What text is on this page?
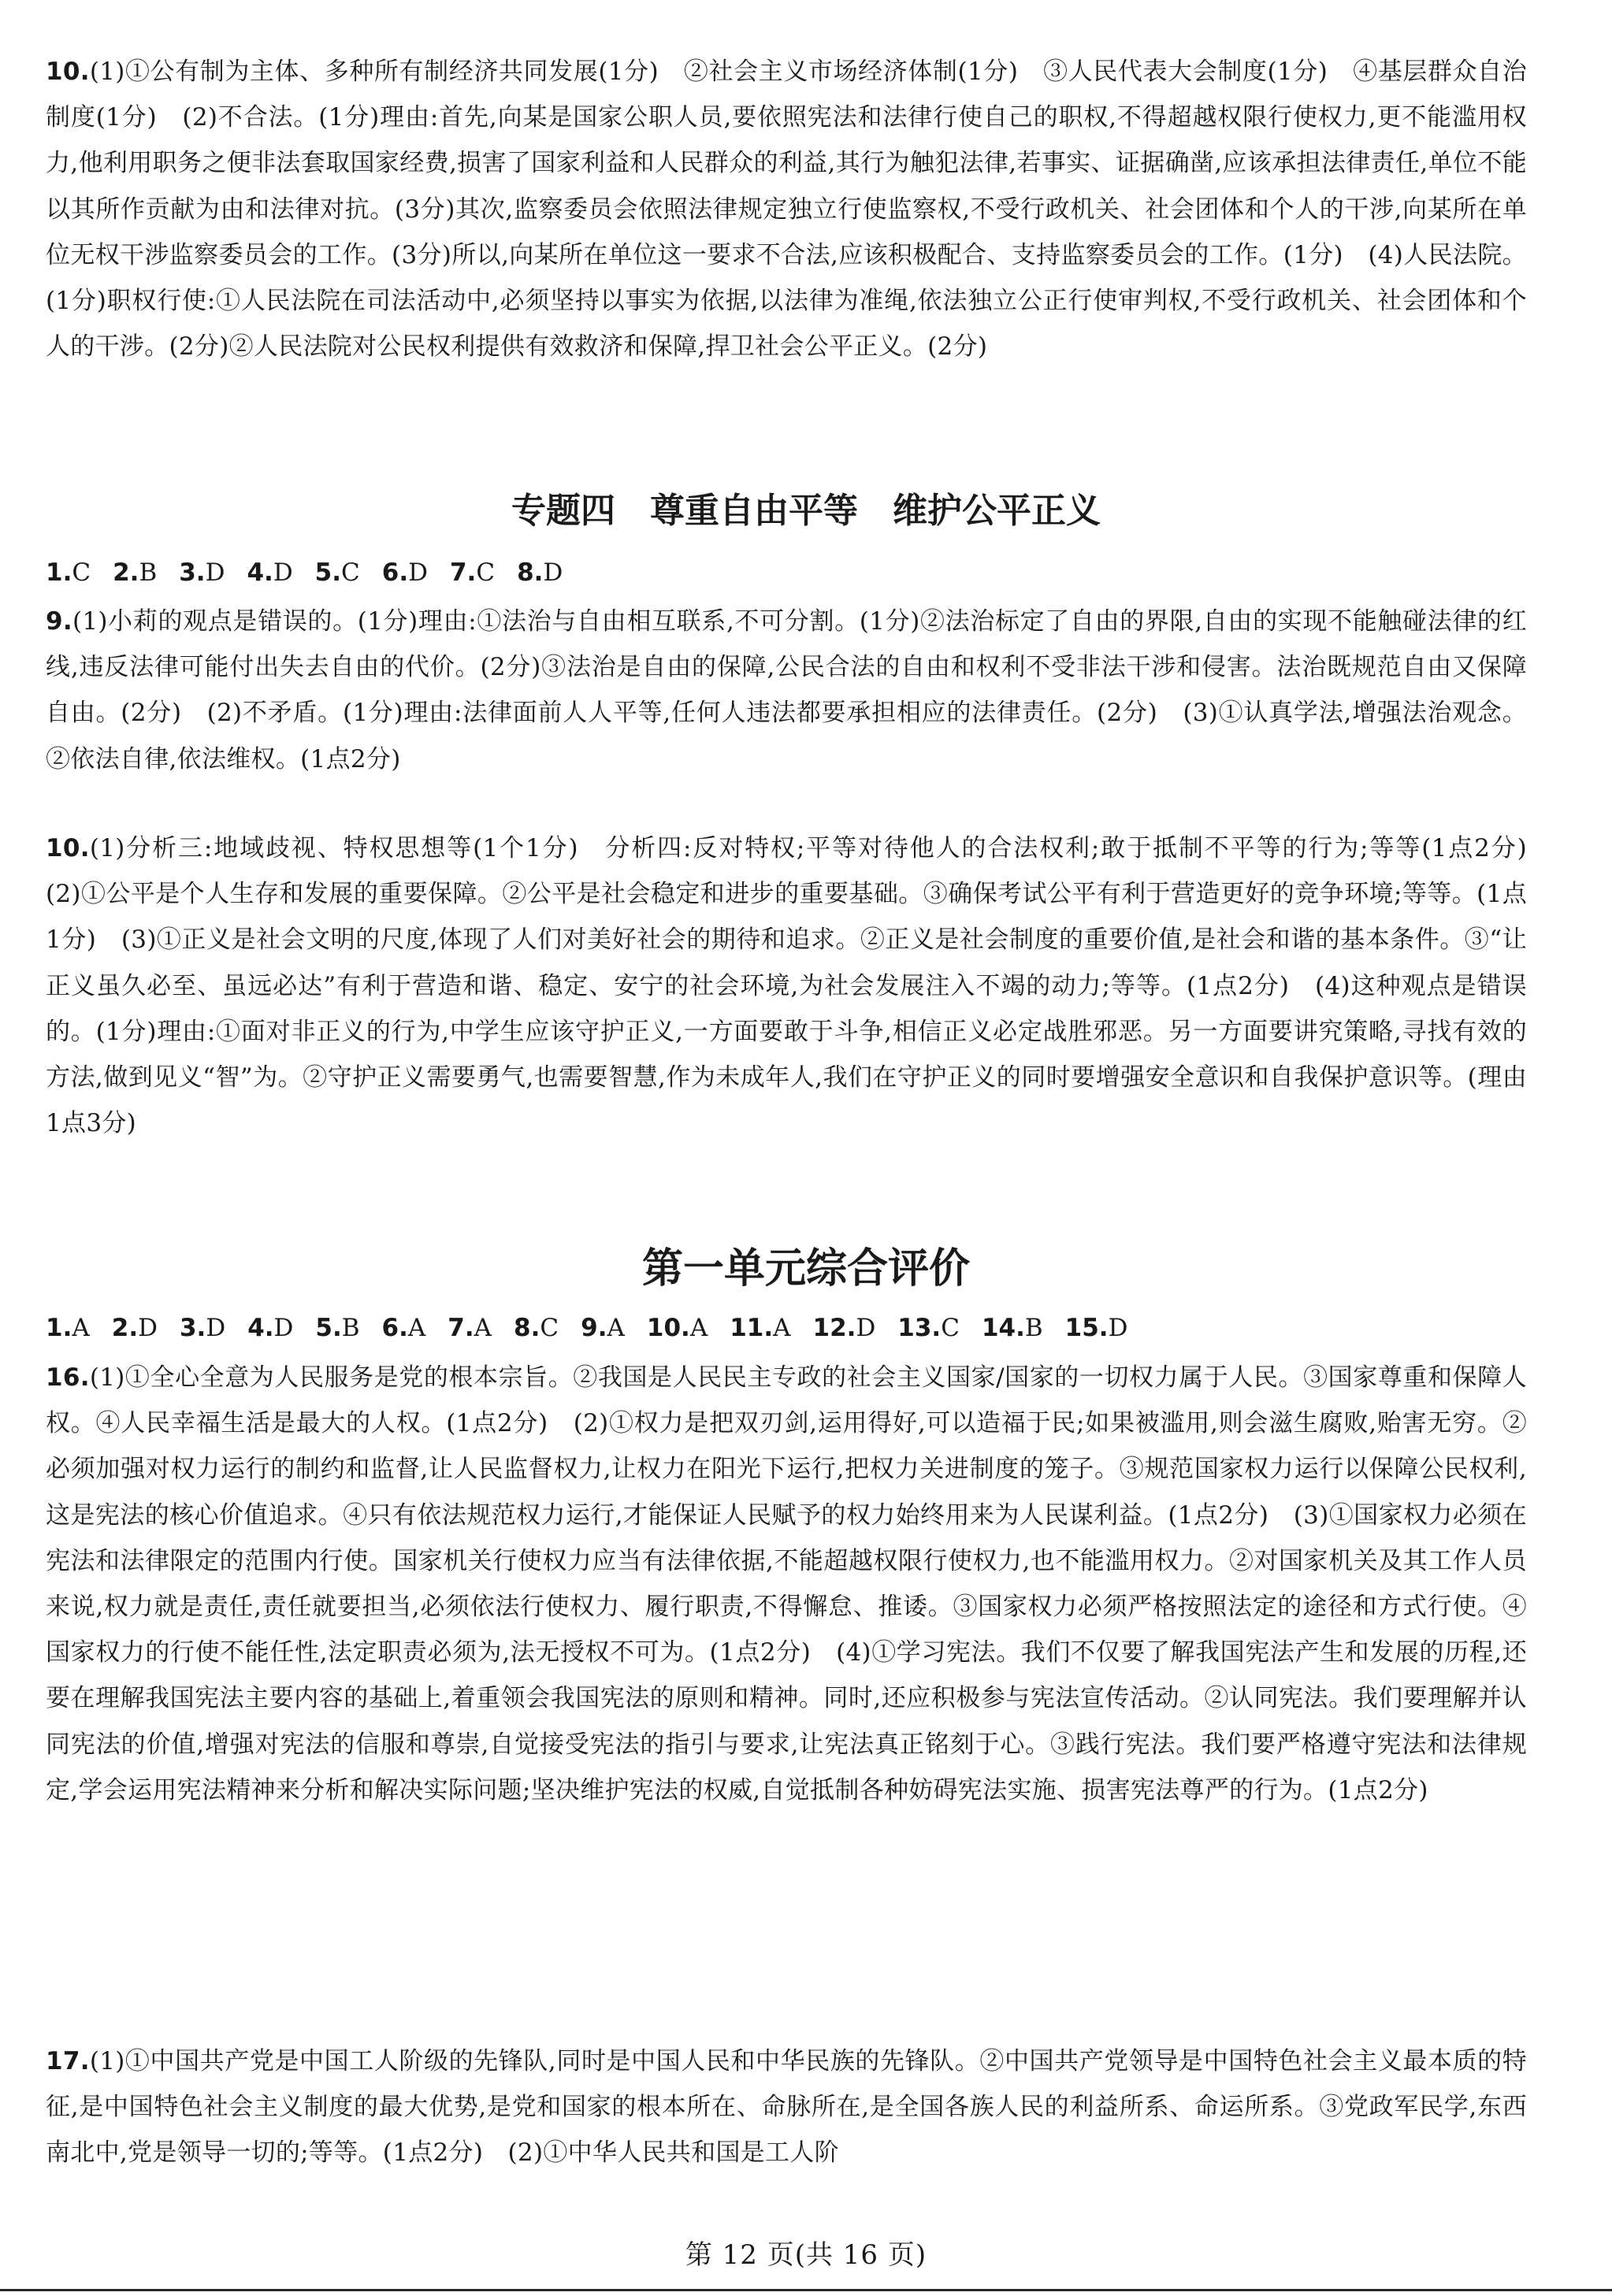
10.(1)①公有制为主体、多种所有制经济共同发展(1分)　②社会主义市场经济体制(1分)　③人民代表大会制度(1分)　④基层群众自治制度(1分)　(2)不合法。(1分)理由:首先,向某是国家公职人员,要依照宪法和法律行使自己的职权,不得超越权限行使权力,更不能滥用权力,他利用职务之便非法套取国家经费,损害了国家利益和人民群众的利益,其行为触犯法律,若事实、证据确凿,应该承担法律责任,单位不能以其所作贡献为由和法律对抗。(3分)其次,监察委员会依照法律规定独立行使监察权,不受行政机关、社会团体和个人的干涉,向某所在单位无权干涉监察委员会的工作。(3分)所以,向某所在单位这一要求不合法,应该积极配合、支持监察委员会的工作。(1分)　(4)人民法院。(1分)职权行使:①人民法院在司法活动中,必须坚持以事实为依据,以法律为准绳,依法独立公正行使审判权,不受行政机关、社会团体和个人的干涉。(2分)②人民法院对公民权利提供有效救济和保障,捍卫社会公平正义。(2分)

专题四　尊重自由平等　维护公平正义
1.C 2.B 3.D 4.D 5.C 6.D 7.C 8.D

9.(1)小莉的观点是错误的。(1分)理由:①法治与自由相互联系,不可分割。(1分)②法治标定了自由的界限,自由的实现不能触碰法律的红线,违反法律可能付出失去自由的代价。(2分)③法治是自由的保障,公民合法的自由和权利不受非法干涉和侵害。法治既规范自由又保障自由。(2分)　(2)不矛盾。(1分)理由:法律面前人人平等,任何人违法都要承担相应的法律责任。(2分)　(3)①认真学法,增强法治观念。②依法自律,依法维权。(1点2分)

10.(1)分析三:地域歧视、特权思想等(1个1分)　分析四:反对特权;平等对待他人的合法权利;敢于抵制不平等的行为;等等(1点2分)　(2)①公平是个人生存和发展的重要保障。②公平是社会稳定和进步的重要基础。③确保考试公平有利于营造更好的竞争环境;等等。(1点1分)　(3)①正义是社会文明的尺度,体现了人们对美好社会的期待和追求。②正义是社会制度的重要价值,是社会和谐的基本条件。③“让正义虽久必至、虽远必达”有利于营造和谐、稳定、安宁的社会环境,为社会发展注入不竭的动力;等等。(1点2分)　(4)这种观点是错误的。(1分)理由:①面对非正义的行为,中学生应该守护正义,一方面要敢于斗争,相信正义必定战胜邪恶。另一方面要讲究策略,寻找有效的方法,做到见义“智”为。②守护正义需要勇气,也需要智慧,作为未成年人,我们在守护正义的同时要增强安全意识和自我保护意识等。(理由1点3分)

第一单元综合评价
1.A 2.D 3.D 4.D 5.B 6.A 7.A 8.C 9.A 10.A 11.A 12.D 13.C 14.B 15.D

16.(1)①全心全意为人民服务是党的根本宗旨。②我国是人民民主专政的社会主义国家/国家的一切权力属于人民。③国家尊重和保障人权。④人民幸福生活是最大的人权。(1点2分)　(2)①权力是把双刃剑,运用得好,可以造福于民;如果被滥用,则会滋生腐败,贻害无穷。②必须加强对权力运行的制约和监督,让人民监督权力,让权力在阳光下运行,把权力关进制度的笼子。③规范国家权力运行以保障公民权利,这是宪法的核心价值追求。④只有依法规范权力运行,才能保证人民赋予的权力始终用来为人民谋利益。(1点2分)　(3)①国家权力必须在宪法和法律限定的范围内行使。国家机关行使权力应当有法律依据,不能超越权限行使权力,也不能滥用权力。②对国家机关及其工作人员来说,权力就是责任,责任就要担当,必须依法行使权力、履行职责,不得懈怠、推诿。③国家权力必须严格按照法定的途径和方式行使。④国家权力的行使不能任性,法定职责必须为,法无授权不可为。(1点2分)　(4)①学习宪法。我们不仅要了解我国宪法产生和发展的历程,还要在理解我国宪法主要内容的基础上,着重领会我国宪法的原则和精神。同时,还应积极参与宪法宣传活动。②认同宪法。我们要理解并认同宪法的价值,增强对宪法的信服和尊崇,自觉接受宪法的指引与要求,让宪法真正铭刻于心。③践行宪法。我们要严格遵守宪法和法律规定,学会运用宪法精神来分析和解决实际问题;坚决维护宪法的权威,自觉抵制各种妨碍宪法实施、损害宪法尊严的行为。(1点2分)

17.(1)①中国共产党是中国工人阶级的先锋队,同时是中国人民和中华民族的先锋队。②中国共产党领导是中国特色社会主义最本质的特征,是中国特色社会主义制度的最大优势,是党和国家的根本所在、命脉所在,是全国各族人民的利益所系、命运所系。③党政军民学,东西南北中,党是领导一切的;等等。(1点2分)　(2)①中华人民共和国是工人阶

第 12 页(共 16 页)
